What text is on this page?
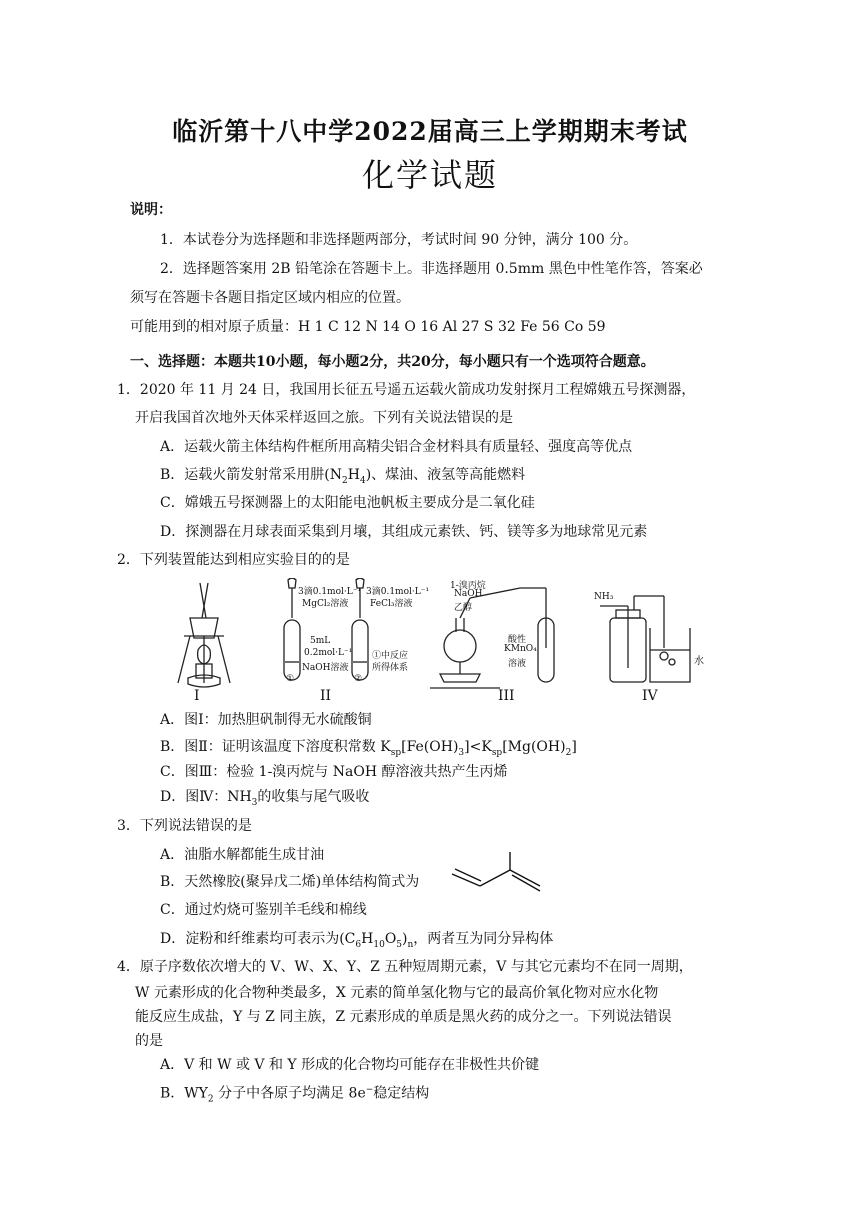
临沂第十八中学2022届高三上学期期末考试
化学试题
说明：
1．本试卷分为选择题和非选择题两部分，考试时间 90 分钟，满分 100 分。
2．选择题答案用 2B 铅笔涂在答题卡上。非选择题用 0.5mm 黑色中性笔作答，答案必
须写在答题卡各题目指定区域内相应的位置。
可能用到的相对原子质量：H 1 C 12 N 14 O 16 Al 27 S 32 Fe 56 Co 59
一、选择题：本题共10小题，每小题2分，共20分，每小题只有一个选项符合题意。
1．2020 年 11 月 24 日，我国用长征五号遥五运载火箭成功发射探月工程嫦娥五号探测器，
开启我国首次地外天体采样返回之旅。下列有关说法错误的是
A．运载火箭主体结构件框所用高精尖铝合金材料具有质量轻、强度高等优点
B．运载火箭发射常采用肼$(N_2H_4)$、煤油、液氢等高能燃料
C．嫦娥五号探测器上的太阳能电池帆板主要成分是二氧化硅
D．探测器在月球表面采集到月壤，其组成元素铁、钙、镁等多为地球常见元素
2．下列装置能达到相应实验目的的是
I	II	III	IV
3滴0.1mol·L⁻¹
MgCl₂溶液
3滴0.1mol·L⁻¹
FeCl₃溶液
5mL
0.2mol·L⁻¹
NaOH溶液
①中反应
所得体系
①	②
1-溴丙烷
NaOH
乙醇
酸性
KMnO₄
溶液
NH₃
水
A．图Ⅰ：加热胆矾制得无水硫酸铜
B．图Ⅱ：证明该温度下溶度积常数 $K_{sp}[Fe(OH)_3]<K_{sp}[Mg(OH)_2]$
C．图Ⅲ：检验 1-溴丙烷与 NaOH 醇溶液共热产生丙烯
D．图Ⅳ：$NH_3$的收集与尾气吸收
3．下列说法错误的是
A．油脂水解都能生成甘油
B．天然橡胶(聚异戊二烯)单体结构简式为
C．通过灼烧可鉴别羊毛线和棉线
D．淀粉和纤维素均可表示为$(C_6H_{10}O_5)_n$，两者互为同分异构体
4．原子序数依次增大的 V、W、X、Y、Z 五种短周期元素，V 与其它元素均不在同一周期，
W 元素形成的化合物种类最多，X 元素的简单氢化物与它的最高价氧化物对应水化物
能反应生成盐，Y 与 Z 同主族，Z 元素形成的单质是黑火药的成分之一。下列说法错误
的是
A．V 和 W 或 V 和 Y 形成的化合物均可能存在非极性共价键
B．$WY_2$ 分子中各原子均满足 8e−稳定结构
